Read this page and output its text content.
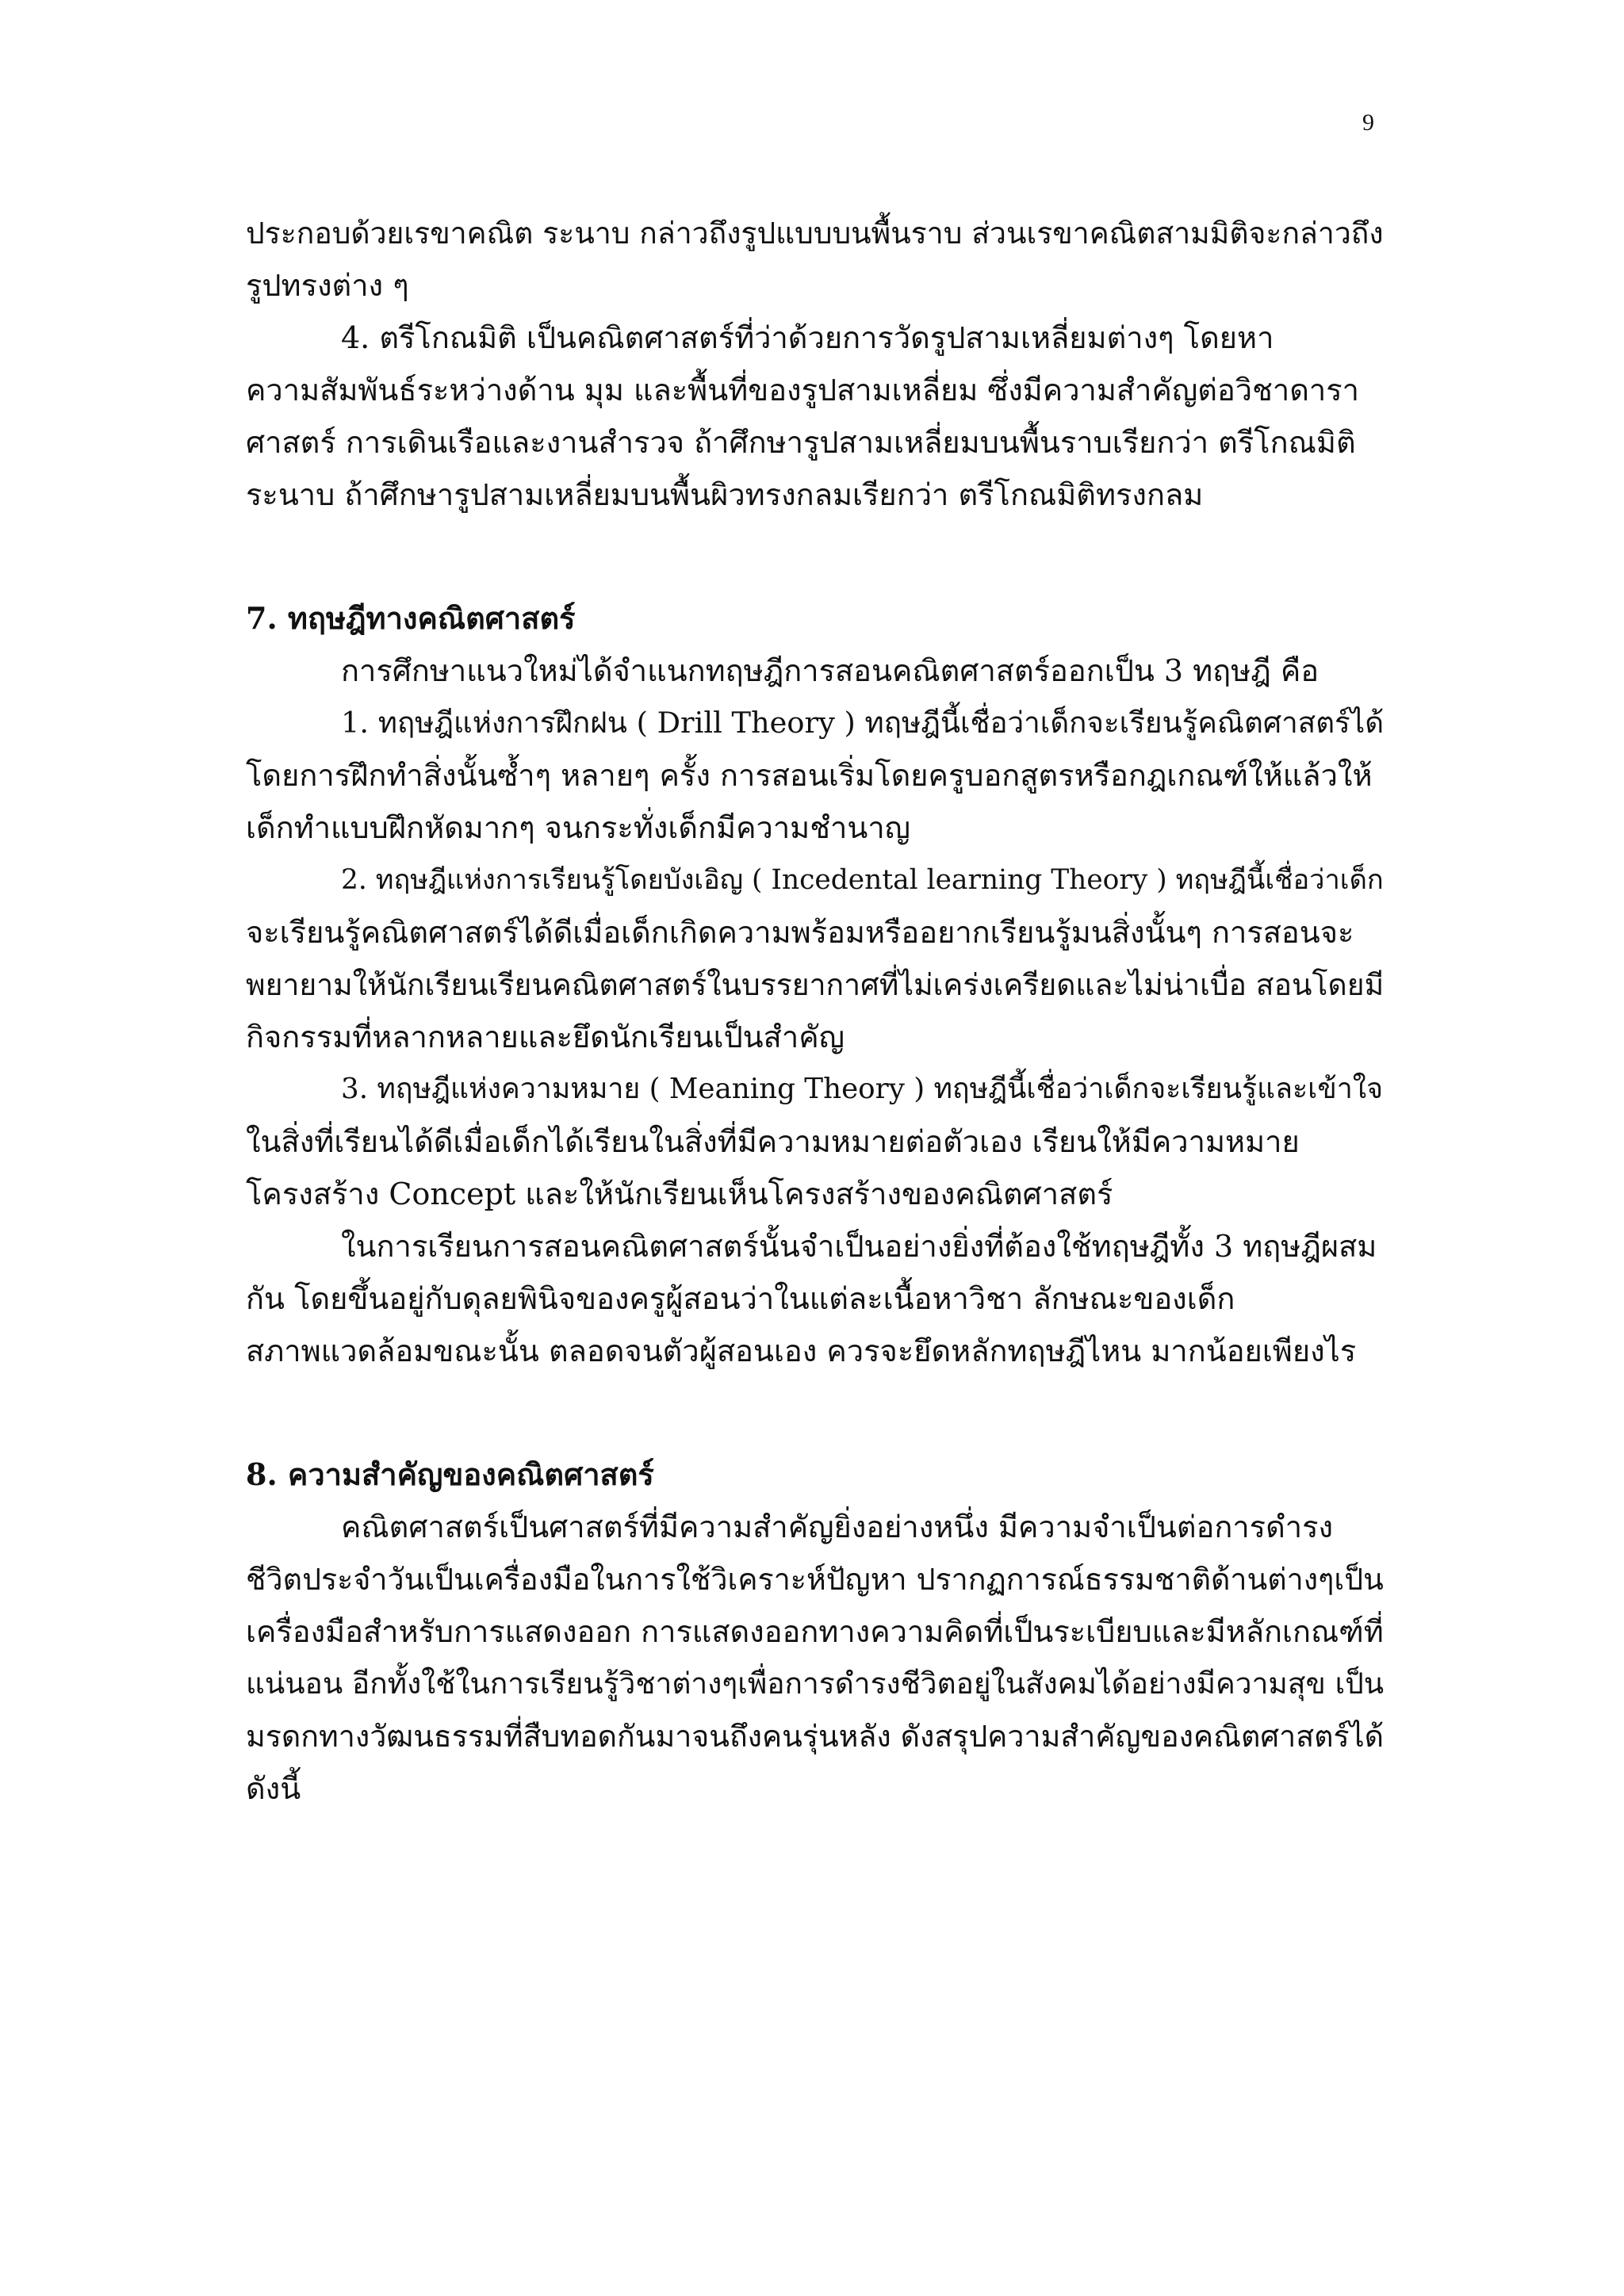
9
ประกอบด้วยเรขาคณิต ระนาบ กล่าวถึงรูปแบบบนพื้นราบ ส่วนเรขาคณิตสามมิติจะกล่าวถึง
รูปทรงต่าง ๆ
4. ตรีโกณมิติ เป็นคณิตศาสตร์ที่ว่าด้วยการวัดรูปสามเหลี่ยมต่างๆ โดยหา
ความสัมพันธ์ระหว่างด้าน มุม และพื้นที่ของรูปสามเหลี่ยม ซึ่งมีความสำคัญต่อวิชาดารา
ศาสตร์ การเดินเรือและงานสำรวจ ถ้าศึกษารูปสามเหลี่ยมบนพื้นราบเรียกว่า ตรีโกณมิติ
ระนาบ ถ้าศึกษารูปสามเหลี่ยมบนพื้นผิวทรงกลมเรียกว่า ตรีโกณมิติทรงกลม
7. ทฤษฎีทางคณิตศาสตร์
การศึกษาแนวใหม่ได้จำแนกทฤษฎีการสอนคณิตศาสตร์ออกเป็น 3 ทฤษฎี คือ
1. ทฤษฎีแห่งการฝึกฝน ( Drill Theory ) ทฤษฎีนี้เชื่อว่าเด็กจะเรียนรู้คณิตศาสตร์ได้
โดยการฝึกทำสิ่งนั้นซ้ำๆ หลายๆ ครั้ง การสอนเริ่มโดยครูบอกสูตรหรือกฎเกณฑ์ให้แล้วให้
เด็กทำแบบฝึกหัดมากๆ จนกระทั่งเด็กมีความชำนาญ
2. ทฤษฎีแห่งการเรียนรู้โดยบังเอิญ ( Incedental learning Theory ) ทฤษฎีนี้เชื่อว่าเด็ก
จะเรียนรู้คณิตศาสตร์ได้ดีเมื่อเด็กเกิดความพร้อมหรืออยากเรียนรู้มนสิ่งนั้นๆ การสอนจะ
พยายามให้นักเรียนเรียนคณิตศาสตร์ในบรรยากาศที่ไม่เคร่งเครียดและไม่น่าเบื่อ สอนโดยมี
กิจกรรมที่หลากหลายและยึดนักเรียนเป็นสำคัญ
3. ทฤษฎีแห่งความหมาย ( Meaning Theory ) ทฤษฎีนี้เชื่อว่าเด็กจะเรียนรู้และเข้าใจ
ในสิ่งที่เรียนได้ดีเมื่อเด็กได้เรียนในสิ่งที่มีความหมายต่อตัวเอง เรียนให้มีความหมาย
โครงสร้าง Concept และให้นักเรียนเห็นโครงสร้างของคณิตศาสตร์
ในการเรียนการสอนคณิตศาสตร์นั้นจำเป็นอย่างยิ่งที่ต้องใช้ทฤษฎีทั้ง 3 ทฤษฎีผสม
กัน โดยขึ้นอยู่กับดุลยพินิจของครูผู้สอนว่าในแต่ละเนื้อหาวิชา ลักษณะของเด็ก
สภาพแวดล้อมขณะนั้น ตลอดจนตัวผู้สอนเอง ควรจะยึดหลักทฤษฎีไหน มากน้อยเพียงไร
8. ความสำคัญของคณิตศาสตร์
คณิตศาสตร์เป็นศาสตร์ที่มีความสำคัญยิ่งอย่างหนึ่ง มีความจำเป็นต่อการดำรง
ชีวิตประจำวันเป็นเครื่องมือในการใช้วิเคราะห์ปัญหา ปรากฏการณ์ธรรมชาติด้านต่างๆเป็น
เครื่องมือสำหรับการแสดงออก การแสดงออกทางความคิดที่เป็นระเบียบและมีหลักเกณฑ์ที่
แน่นอน อีกทั้งใช้ในการเรียนรู้วิชาต่างๆเพื่อการดำรงชีวิตอยู่ในสังคมได้อย่างมีความสุข เป็น
มรดกทางวัฒนธรรมที่สืบทอดกันมาจนถึงคนรุ่นหลัง ดังสรุปความสำคัญของคณิตศาสตร์ได้
ดังนี้
